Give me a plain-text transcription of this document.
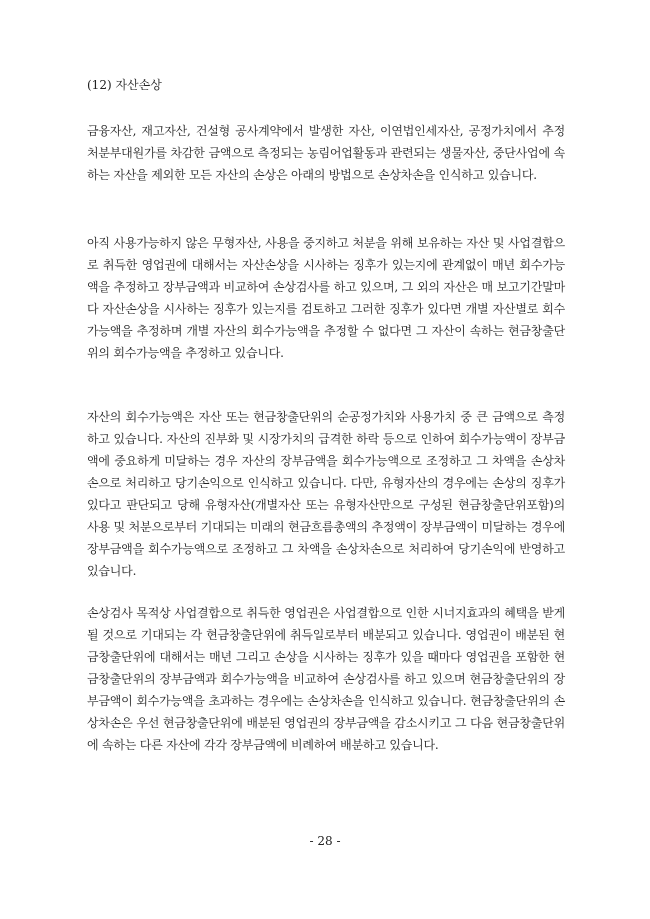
(12) 자산손상

금융자산, 재고자산, 건설형 공사계약에서 발생한 자산, 이연법인세자산, 공정가치에서 추정 처분부대원가를 차감한 금액으로 측정되는 농림어업활동과 관련되는 생물자산, 중단사업에 속하는 자산을 제외한 모든 자산의 손상은 아래의 방법으로 손상차손을 인식하고 있습니다.

아직 사용가능하지 않은 무형자산, 사용을 중지하고 처분을 위해 보유하는 자산 및 사업결합으로 취득한 영업권에 대해서는 자산손상을 시사하는 징후가 있는지에 관계없이 매년 회수가능액을 추정하고 장부금액과 비교하여 손상검사를 하고 있으며, 그 외의 자산은 매 보고기간말마다 자산손상을 시사하는 징후가 있는지를 검토하고 그러한 징후가 있다면 개별 자산별로 회수가능액을 추정하며 개별 자산의 회수가능액을 추정할 수 없다면 그 자산이 속하는 현금창출단위의 회수가능액을 추정하고 있습니다.

자산의 회수가능액은 자산 또는 현금창출단위의 순공정가치와 사용가치 중 큰 금액으로 측정하고 있습니다. 자산의 진부화 및 시장가치의 급격한 하락 등으로 인하여 회수가능액이 장부금액에 중요하게 미달하는 경우 자산의 장부금액을 회수가능액으로 조정하고 그 차액을 손상차손으로 처리하고 당기손익으로 인식하고 있습니다. 다만, 유형자산의 경우에는 손상의 징후가 있다고 판단되고 당해 유형자산(개별자산 또는 유형자산만으로 구성된 현금창출단위포함)의 사용 및 처분으로부터 기대되는 미래의 현금흐름총액의 추정액이 장부금액이 미달하는 경우에 장부금액을 회수가능액으로 조정하고 그 차액을 손상차손으로 처리하여 당기손익에 반영하고 있습니다.

손상검사 목적상 사업결합으로 취득한 영업권은 사업결합으로 인한 시너지효과의 혜택을 받게 될 것으로 기대되는 각 현금창출단위에 취득일로부터 배분되고 있습니다. 영업권이 배분된 현금창출단위에 대해서는 매년 그리고 손상을 시사하는 징후가 있을 때마다 영업권을 포함한 현금창출단위의 장부금액과 회수가능액을 비교하여 손상검사를 하고 있으며 현금창출단위의 장부금액이 회수가능액을 초과하는 경우에는 손상차손을 인식하고 있습니다. 현금창출단위의 손상차손은 우선 현금창출단위에 배분된 영업권의 장부금액을 감소시키고 그 다음 현금창출단위에 속하는 다른 자산에 각각 장부금액에 비례하여 배분하고 있습니다.

- 28 -
